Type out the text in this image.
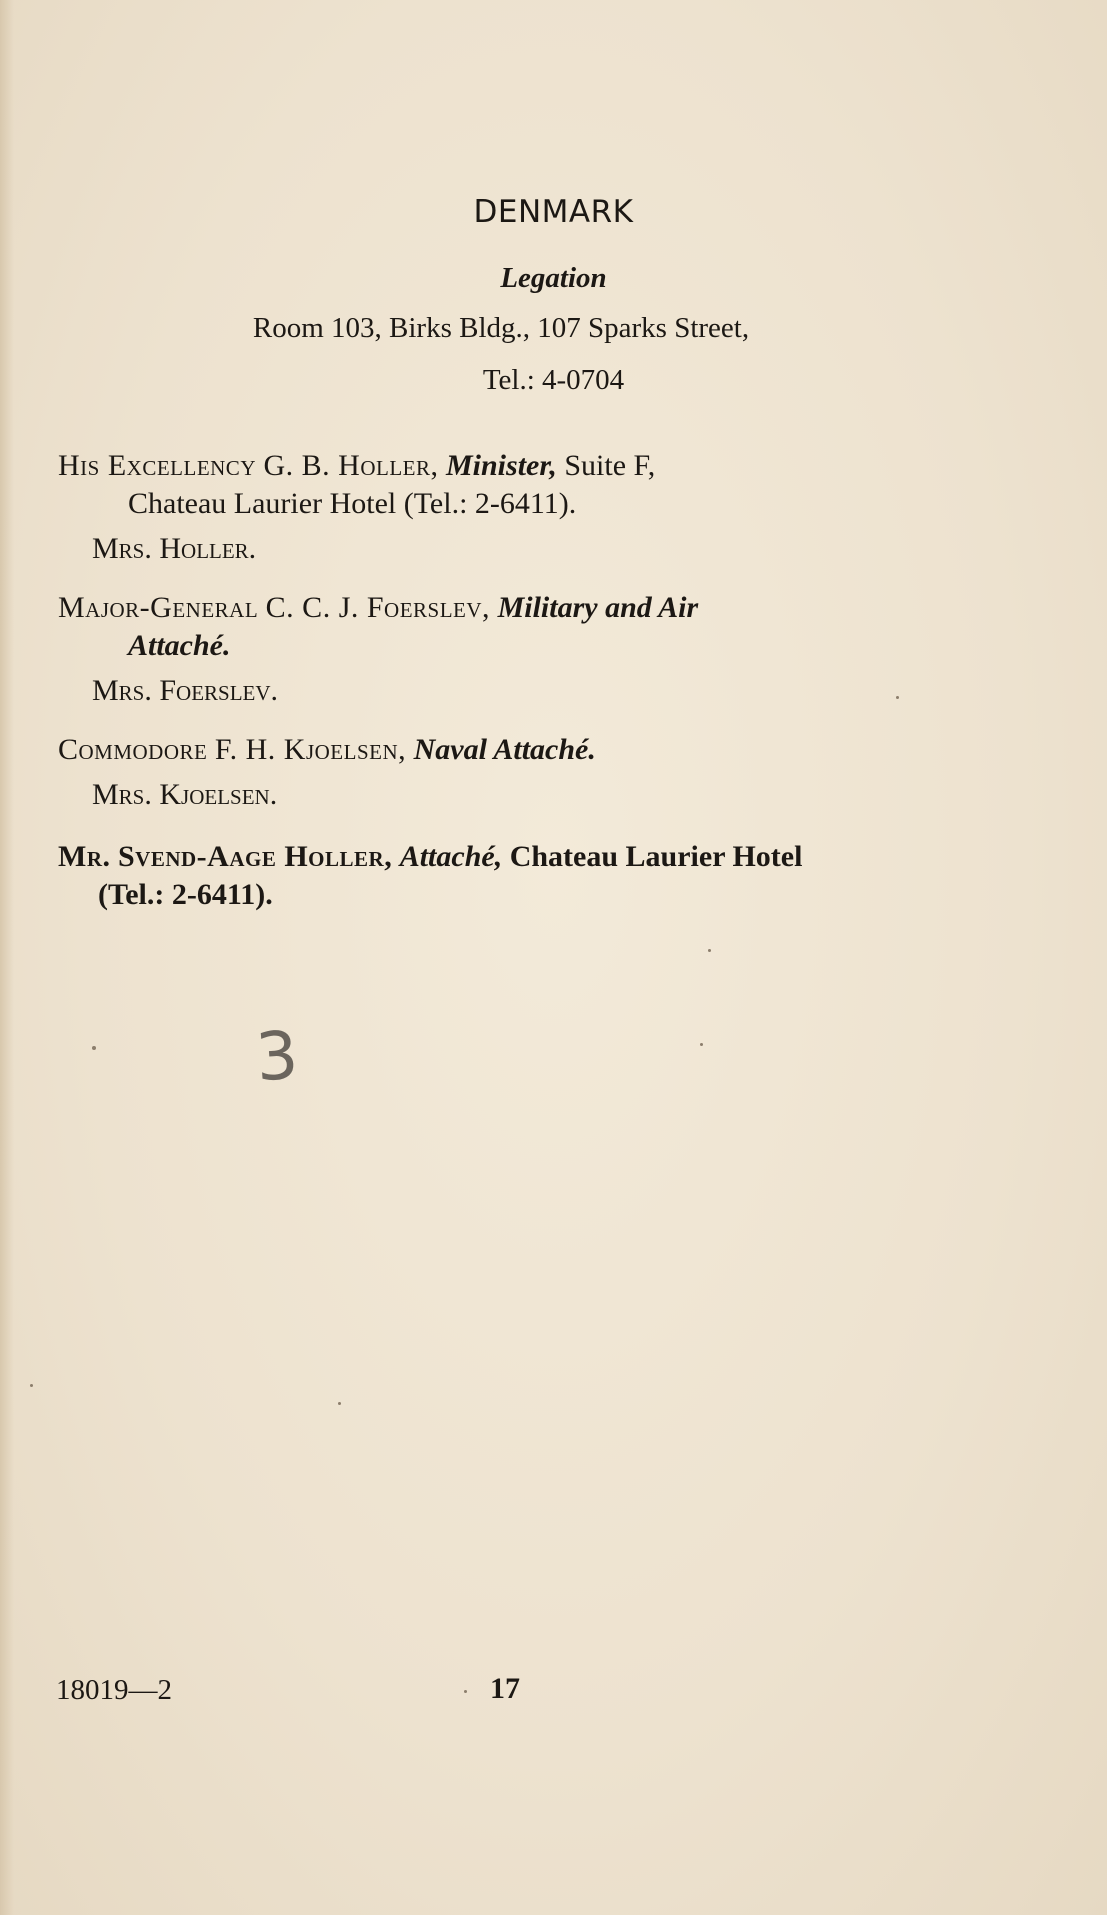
DENMARK
Legation
Room 103, Birks Bldg., 107 Sparks Street,
Tel.: 4-0704
His Excellency G. B. Holler, Minister, Suite F,
Chateau Laurier Hotel (Tel.: 2-6411).
Mrs. Holler.
Major-General C. C. J. Foerslev, Military and Air
Attaché.
Mrs. Foerslev.
Commodore F. H. Kjoelsen, Naval Attaché.
Mrs. Kjoelsen.
Mr. Svend-Aage Holler, Attaché, Chateau Laurier Hotel
(Tel.: 2-6411).
3
18019—2	17
